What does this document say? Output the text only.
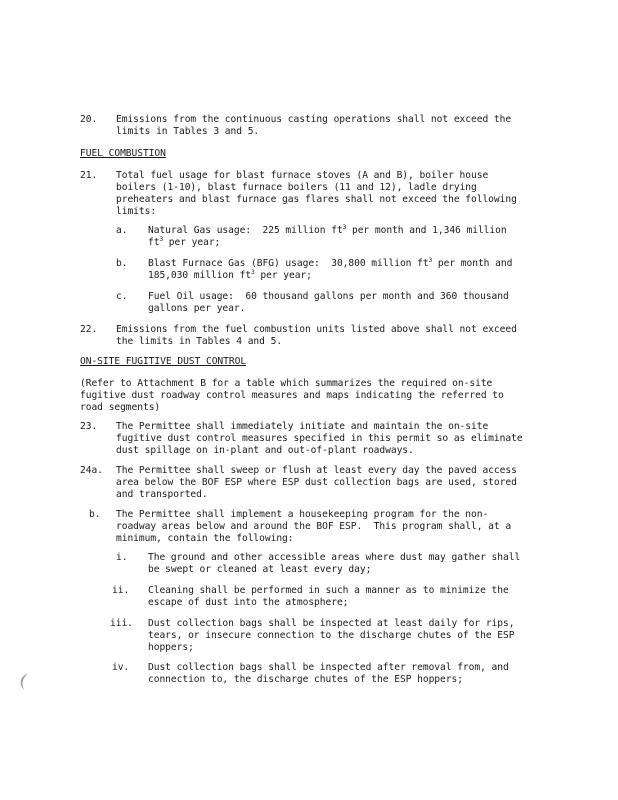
20. Emissions from the continuous casting operations shall not exceed the
limits in Tables 3 and 5.
FUEL COMBUSTION
21. Total fuel usage for blast furnace stoves (A and B), boiler house
boilers (1-10), blast furnace boilers (11 and 12), ladle drying
preheaters and blast furnace gas flares shall not exceed the following
limits:
a. Natural Gas usage:  225 million $ft^3$ per month and 1,346 million
$ft^3$ per year;
b. Blast Furnace Gas (BFG) usage:  30,800 million $ft^3$ per month and
185,030 million $ft^3$ per year;
c. Fuel Oil usage:  60 thousand gallons per month and 360 thousand
gallons per year.
22. Emissions from the fuel combustion units listed above shall not exceed
the limits in Tables 4 and 5.
ON-SITE FUGITIVE DUST CONTROL
(Refer to Attachment B for a table which summarizes the required on-site
fugitive dust roadway control measures and maps indicating the referred to
road segments)
23. The Permittee shall immediately initiate and maintain the on-site
fugitive dust control measures specified in this permit so as eliminate
dust spillage on in-plant and out-of-plant roadways.
24a. The Permittee shall sweep or flush at least every day the paved access
area below the BOF ESP where ESP dust collection bags are used, stored
and transported.
b. The Permittee shall implement a housekeeping program for the non-
roadway areas below and around the BOF ESP.  This program shall, at a
minimum, contain the following:
i. The ground and other accessible areas where dust may gather shall
be swept or cleaned at least every day;
ii. Cleaning shall be performed in such a manner as to minimize the
escape of dust into the atmosphere;
iii. Dust collection bags shall be inspected at least daily for rips,
tears, or insecure connection to the discharge chutes of the ESP
hoppers;
iv. Dust collection bags shall be inspected after removal from, and
connection to, the discharge chutes of the ESP hoppers;
